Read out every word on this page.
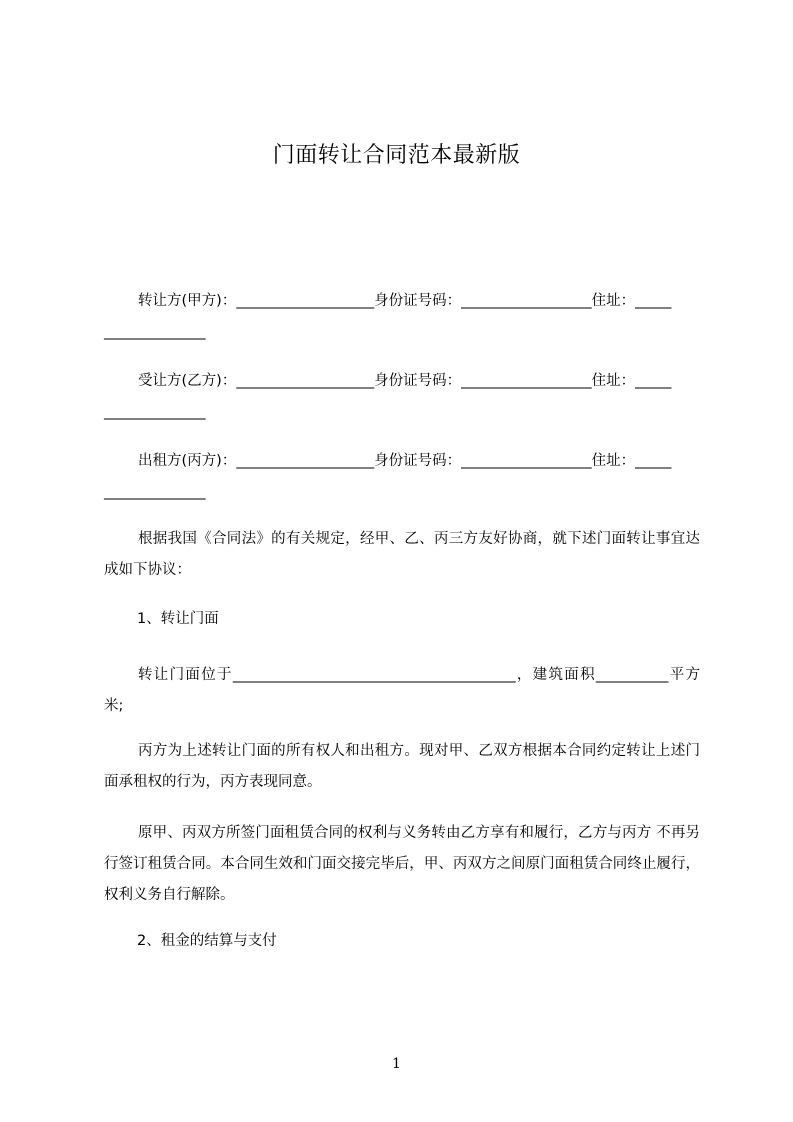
门面转让合同范本最新版
转让方(甲方)：___________________身份证号码：__________________住址：_____
______________
受让方(乙方)：___________________身份证号码：__________________住址：_____
______________
出租方(丙方)：___________________身份证号码：__________________住址：_____
______________
根据我国《合同法》的有关规定，经甲、乙、丙三方友好协商，就下述门面转让事宜达成如下协议：
1、转让门面
转让门面位于_______________________________________，建筑面积__________平方米;
丙方为上述转让门面的所有权人和出租方。现对甲、乙双方根据本合同约定转让上述门面承租权的行为，丙方表现同意。
原甲、丙双方所签门面租赁合同的权利与义务转由乙方享有和履行，乙方与丙方 不再另行签订租赁合同。本合同生效和门面交接完毕后，甲、丙双方之间原门面租赁合同终止履行，权利义务自行解除。
2、租金的结算与支付
1
